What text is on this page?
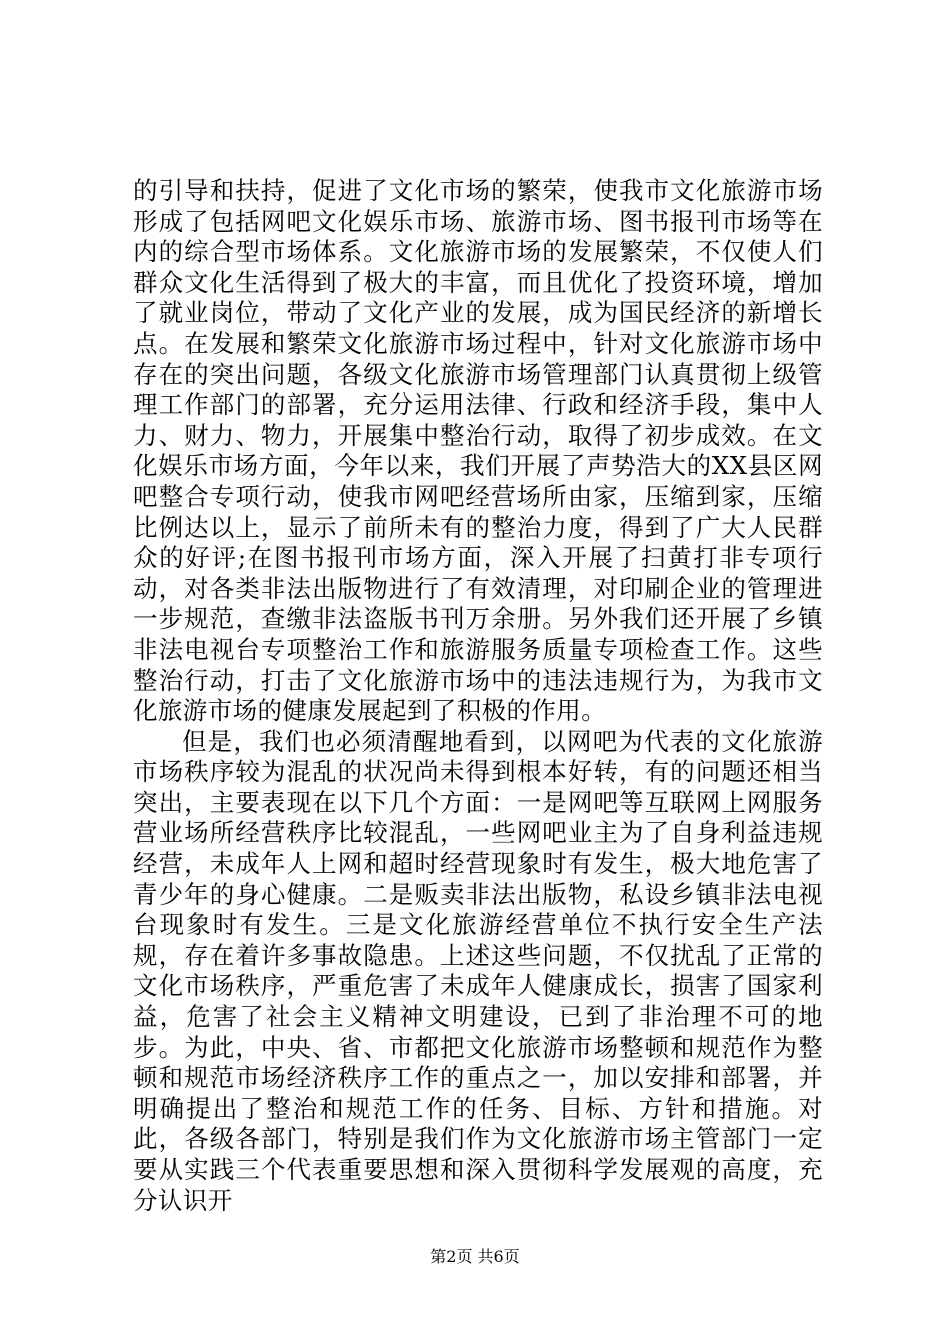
的引导和扶持，促进了文化市场的繁荣，使我市文化旅游市场形成了包括网吧文化娱乐市场、旅游市场、图书报刊市场等在内的综合型市场体系。文化旅游市场的发展繁荣，不仅使人们群众文化生活得到了极大的丰富，而且优化了投资环境，增加了就业岗位，带动了文化产业的发展，成为国民经济的新增长点。在发展和繁荣文化旅游市场过程中，针对文化旅游市场中存在的突出问题，各级文化旅游市场管理部门认真贯彻上级管理工作部门的部署，充分运用法律、行政和经济手段，集中人力、财力、物力，开展集中整治行动，取得了初步成效。在文化娱乐市场方面，今年以来，我们开展了声势浩大的XX县区网吧整合专项行动，使我市网吧经营场所由家，压缩到家，压缩比例达以上，显示了前所未有的整治力度，得到了广大人民群众的好评;在图书报刊市场方面，深入开展了扫黄打非专项行动，对各类非法出版物进行了有效清理，对印刷企业的管理进一步规范，查缴非法盗版书刊万余册。另外我们还开展了乡镇非法电视台专项整治工作和旅游服务质量专项检查工作。这些整治行动，打击了文化旅游市场中的违法违规行为，为我市文化旅游市场的健康发展起到了积极的作用。

但是，我们也必须清醒地看到，以网吧为代表的文化旅游市场秩序较为混乱的状况尚未得到根本好转，有的问题还相当突出，主要表现在以下几个方面：一是网吧等互联网上网服务营业场所经营秩序比较混乱，一些网吧业主为了自身利益违规经营，未成年人上网和超时经营现象时有发生，极大地危害了青少年的身心健康。二是贩卖非法出版物，私设乡镇非法电视台现象时有发生。三是文化旅游经营单位不执行安全生产法规，存在着许多事故隐患。上述这些问题，不仅扰乱了正常的文化市场秩序，严重危害了未成年人健康成长，损害了国家利益，危害了社会主义精神文明建设，已到了非治理不可的地步。为此，中央、省、市都把文化旅游市场整顿和规范作为整顿和规范市场经济秩序工作的重点之一，加以安排和部署，并明确提出了整治和规范工作的任务、目标、方针和措施。对此，各级各部门，特别是我们作为文化旅游市场主管部门一定要从实践三个代表重要思想和深入贯彻科学发展观的高度，充分认识开

第2页 共6页
